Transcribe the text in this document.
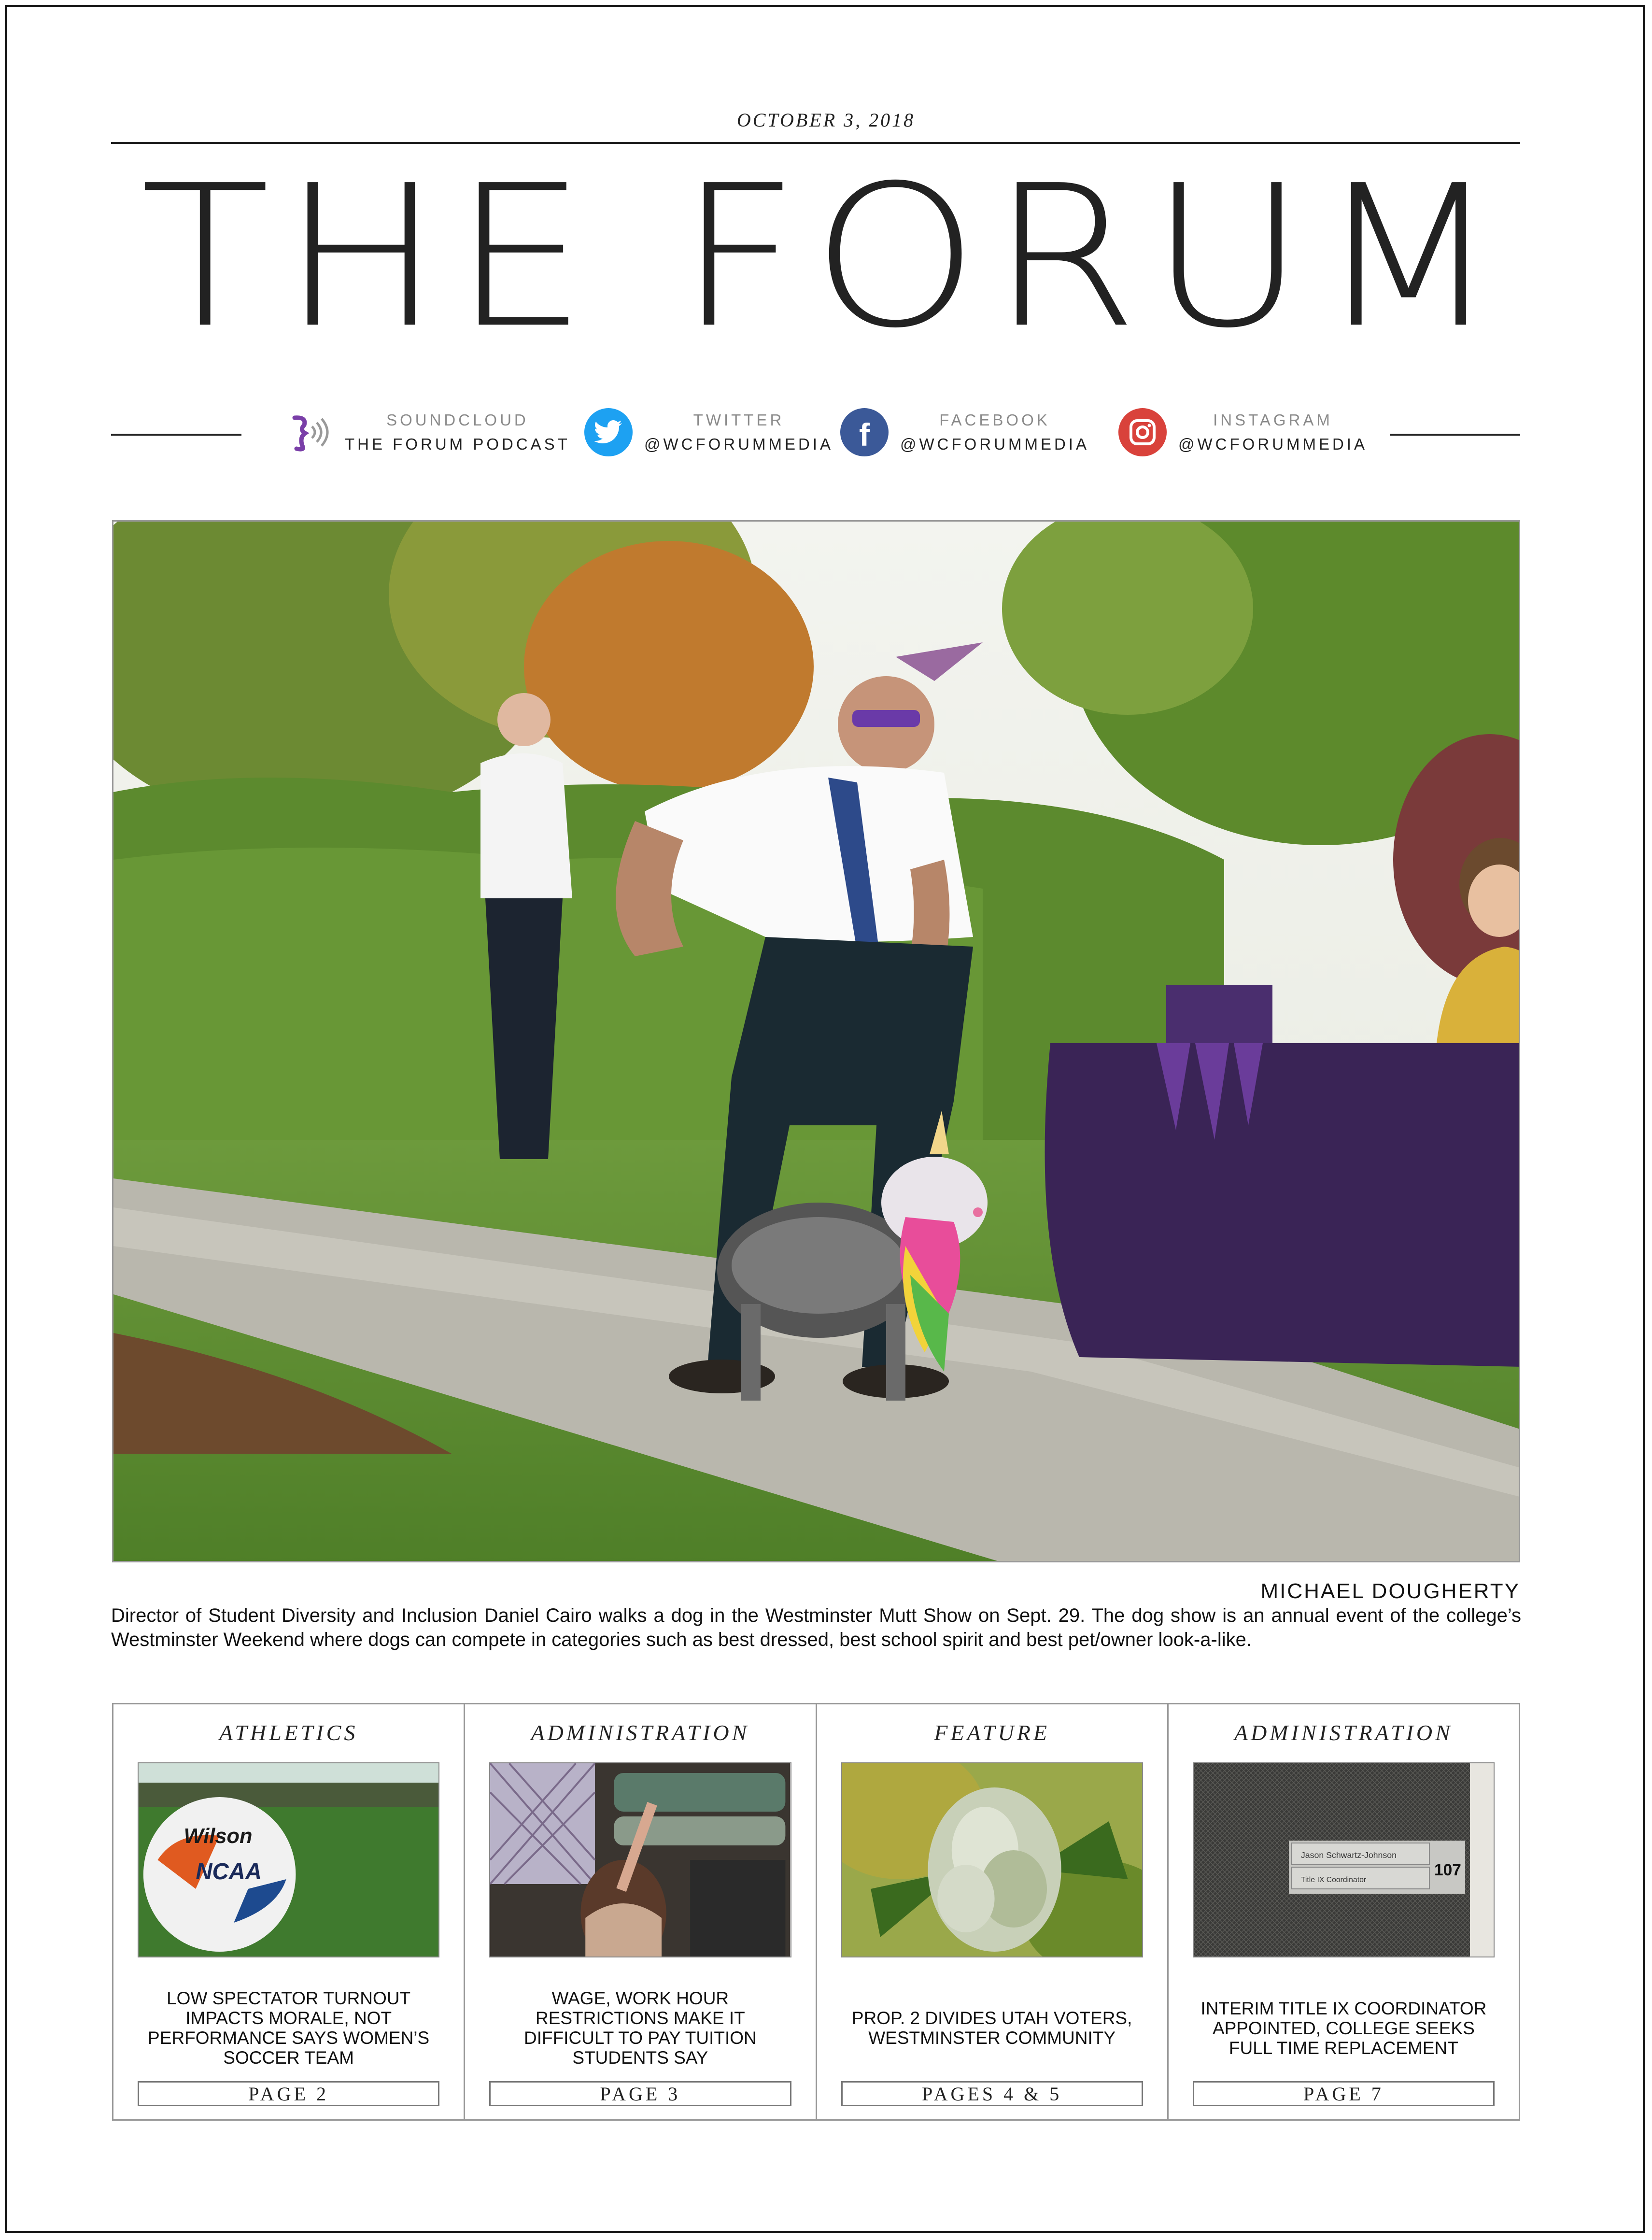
OCTOBER 3, 2018
THE FORUM
SOUNDCLOUD
THE FORUM PODCAST
TWITTER
@WCFORUMMEDIA f	FACEBOOK
@WCFORUMMEDIA
INSTAGRAM
@WCFORUMMEDIA
MICHAEL DOUGHERTY
Director of Student Diversity and Inclusion Daniel Cairo walks a dog in the Westminster Mutt Show on Sept. 29. The dog show is an annual event of the college’s Westminster Weekend where dogs can compete in categories such as best dressed, best school spirit and best pet/owner look-a-like.
ATHLETICS
Wilson
NCAA
LOW SPECTATOR TURNOUT IMPACTS MORALE, NOT PERFORMANCE SAYS WOMEN’S SOCCER TEAM
PAGE 2
ADMINISTRATION
WAGE, WORK HOUR RESTRICTIONS MAKE IT DIFFICULT TO PAY TUITION STUDENTS SAY
PAGE 3
FEATURE
PROP. 2 DIVIDES UTAH VOTERS, WESTMINSTER COMMUNITY
PAGES 4 & 5
ADMINISTRATION
Jason Schwartz-Johnson
Title IX Coordinator
107
INTERIM TITLE IX COORDINATOR APPOINTED, COLLEGE SEEKS FULL TIME REPLACEMENT
PAGE 7
